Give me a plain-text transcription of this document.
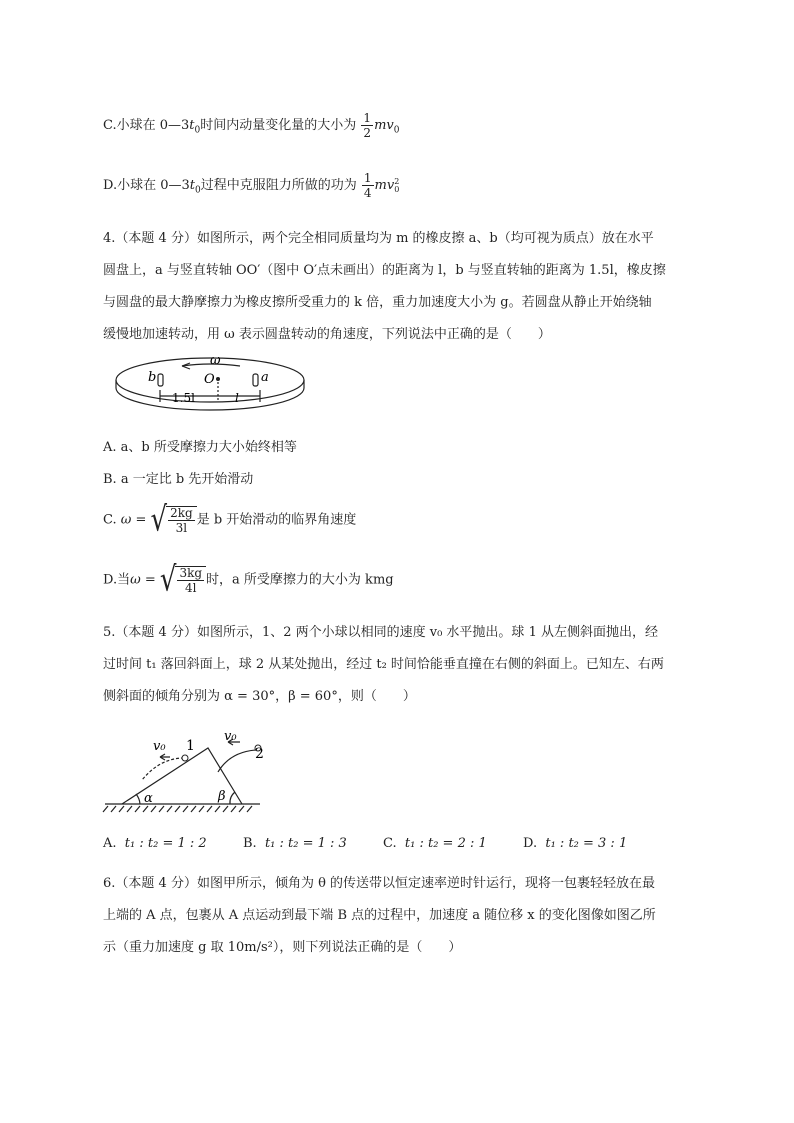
C.小球在 $0—3t_0$时间内动量变化量的大小为 $\frac{1}{2} mv_0$
D.小球在 $0—3t_0$过程中克服阻力所做的功为 $\frac{1}{4}$ mv 2
0
4.（本题 4 分）如图所示，两个完全相同质量均为 m 的橡皮擦 a、b（均可视为质点）放在水平
圆盘上，a 与竖直转轴 OO′（图中 O′点未画出）的距离为 l，b 与竖直转轴的距离为 1.5l，橡皮擦
与圆盘的最大静摩擦力为橡皮擦所受重力的 k 倍，重力加速度大小为 g。若圆盘从静止开始绕轴
缓慢地加速转动，用 ω 表示圆盘转动的角速度，下列说法中正确的是（　　）
ω
b	O	a
1.5l	l
A. a、b 所受摩擦力大小始终相等
B. a 一定比 b 先开始滑动
C. ω = √ $\frac{2kg}{3l}$ 是 b 开始滑动的临界角速度
D.当ω = √ $\frac{3kg}{4l}$ 时，a 所受摩擦力的大小为 kmg
5.（本题 4 分）如图所示，1、2 两个小球以相同的速度 v₀ 水平抛出。球 1 从左侧斜面抛出，经
过时间 t₁ 落回斜面上，球 2 从某处抛出，经过 t₂ 时间恰能垂直撞在右侧的斜面上。已知左、右两
侧斜面的倾角分别为 α = 30°，β = 60°，则（　　）
v₀ 1
v₀
2
α	β
A. t₁ : t₂ = 1 : 2	B. t₁ : t₂ = 1 : 3	C. t₁ : t₂ = 2 : 1	D. t₁ : t₂ = 3 : 1
6.（本题 4 分）如图甲所示，倾角为 θ 的传送带以恒定速率逆时针运行，现将一包裹轻轻放在最
上端的 A 点，包裹从 A 点运动到最下端 B 点的过程中，加速度 a 随位移 x 的变化图像如图乙所
示（重力加速度 g 取 10m/s²），则下列说法正确的是（　　）
